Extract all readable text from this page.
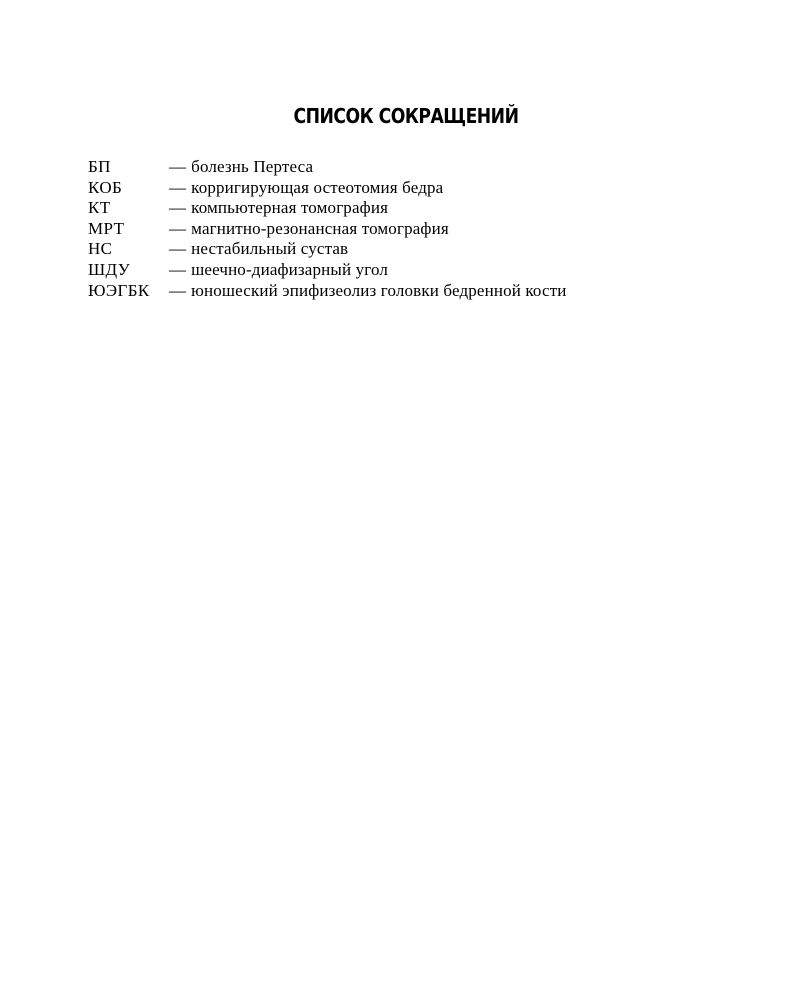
СПИСОК СОКРАЩЕНИЙ
БП	— болезнь Пертеса
КОБ	— корригирующая остеотомия бедра
КТ	— компьютерная томография
МРТ	— магнитно-резонансная томография
НС	— нестабильный сустав
ШДУ	— шеечно-диафизарный угол
ЮЭГБК	— юношеский эпифизеолиз головки бедренной кости
